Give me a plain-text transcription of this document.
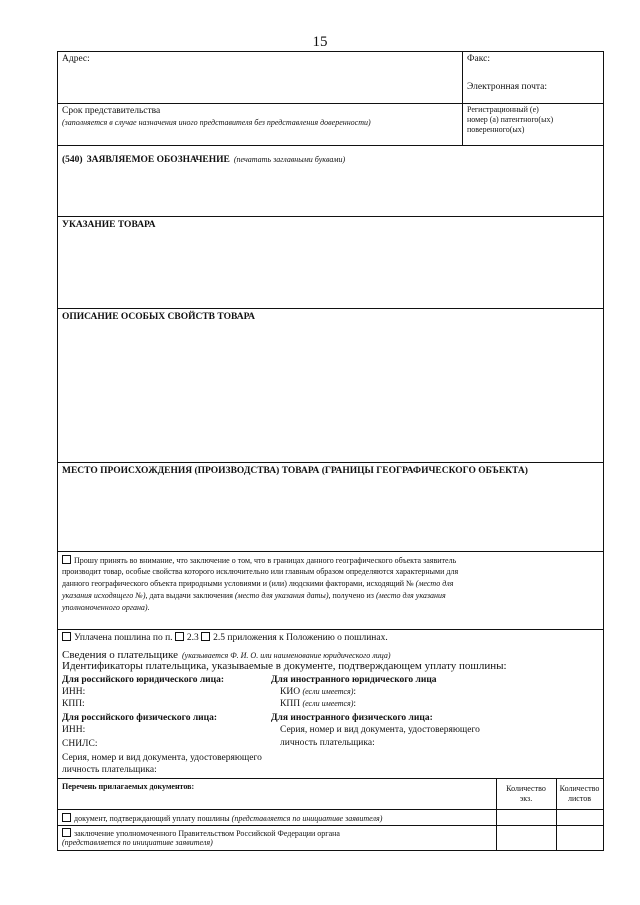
15
Адрес:	Факс:
Электронная почта:
Срок представительства
(заполняется в случае назначения иного представителя без представления доверенности)
Регистрационный (е)
номер (а) патентного(ых)
поверенного(ых)
(540) ЗАЯВЛЯЕМОЕ ОБОЗНАЧЕНИЕ (печатать заглавными буквами)
УКАЗАНИЕ ТОВАРА
ОПИСАНИЕ ОСОБЫХ СВОЙСТВ ТОВАРА
МЕСТО ПРОИСХОЖДЕНИЯ (ПРОИЗВОДСТВА) ТОВАРА (ГРАНИЦЫ ГЕОГРАФИЧЕСКОГО ОБЪЕКТА)
Прошу принять во внимание, что заключение о том, что в границах данного географического объекта заявитель
производит товар, особые свойства которого исключительно или главным образом определяются характерными для
данного географического объекта природными условиями и (или) людскими факторами, исходящий № (место для
указания исходящего №), дата выдачи заключения (место для указания даты), получено из (место для указания
уполномоченного органа).
Уплачена пошлина по п. 2.3 2.5 приложения к Положению о пошлинах.
Сведения о плательщике (указывается Ф. И. О. или наименование юридического лица)
Идентификаторы плательщика, указываемые в документе, подтверждающем уплату пошлины:
Для российского юридического лица:
ИНН:
КПП:
Для иностранного юридического лица
КИО (если имеется):
КПП (если имеется):
Для российского физического лица:
ИНН:
СНИЛС:
Серия, номер и вид документа, удостоверяющего
личность плательщика:
Для иностранного физического лица:
Серия, номер и вид документа, удостоверяющего
личность плательщика:
Перечень прилагаемых документов:	Количество
экз.
Количество
листов
документ, подтверждающий уплату пошлины (представляется по инициативе заявителя)
заключение уполномоченного Правительством Российской Федерации органа
(представляется по инициативе заявителя)
